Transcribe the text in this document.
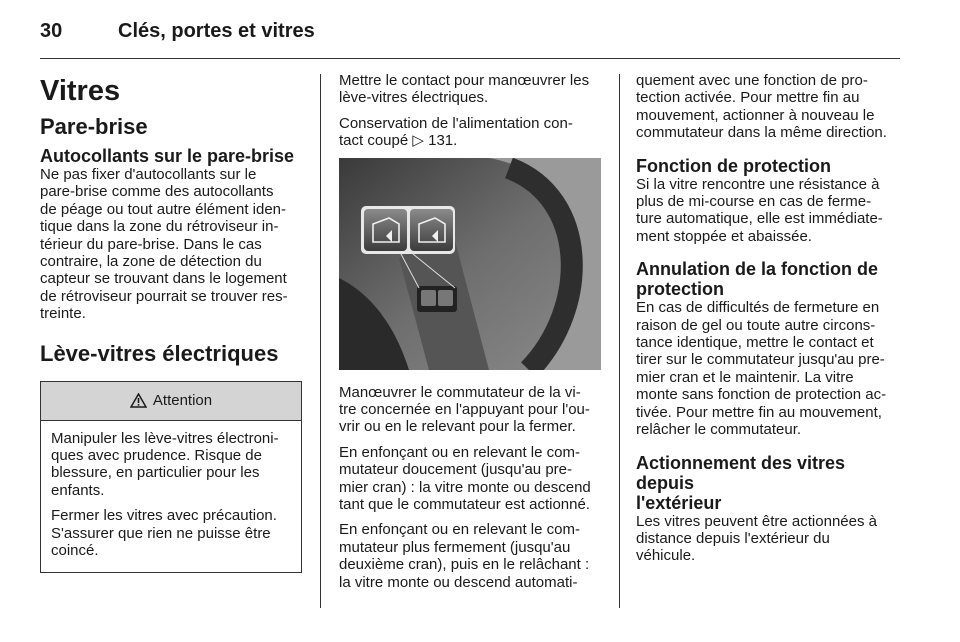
30	Clés, portes et vitres
Vitres
Pare-brise
Autocollants sur le pare-brise

Ne pas fixer d'autocollants sur le
pare-brise comme des autocollants
de péage ou tout autre élément iden-
tique dans la zone du rétroviseur in-
térieur du pare-brise. Dans le cas
contraire, la zone de détection du
capteur se trouvant dans le logement
de rétroviseur pourrait se trouver res-
treinte.

Lève-vitres électriques
Attention

Manipuler les lève-vitres électroni-
ques avec prudence. Risque de
blessure, en particulier pour les
enfants.

Fermer les vitres avec précaution.
S'assurer que rien ne puisse être
coincé.

Mettre le contact pour manœuvrer les
lève-vitres électriques.

Conservation de l'alimentation con-
tact coupé ▷ 131.

Manœuvrer le commutateur de la vi-
tre concernée en l'appuyant pour l'ou-
vrir ou en le relevant pour la fermer.

En enfonçant ou en relevant le com-
mutateur doucement (jusqu'au pre-
mier cran) : la vitre monte ou descend
tant que le commutateur est actionné.

En enfonçant ou en relevant le com-
mutateur plus fermement (jusqu'au
deuxième cran), puis en le relâchant :
la vitre monte ou descend automati-

quement avec une fonction de pro-
tection activée. Pour mettre fin au
mouvement, actionner à nouveau le
commutateur dans la même direction.

Fonction de protection

Si la vitre rencontre une résistance à
plus de mi-course en cas de ferme-
ture automatique, elle est immédiate-
ment stoppée et abaissée.

Annulation de la fonction de
protection

En cas de difficultés de fermeture en
raison de gel ou toute autre circons-
tance identique, mettre le contact et
tirer sur le commutateur jusqu'au pre-
mier cran et le maintenir. La vitre
monte sans fonction de protection ac-
tivée. Pour mettre fin au mouvement,
relâcher le commutateur.

Actionnement des vitres depuis
l'extérieur

Les vitres peuvent être actionnées à
distance depuis l'extérieur du
véhicule.
